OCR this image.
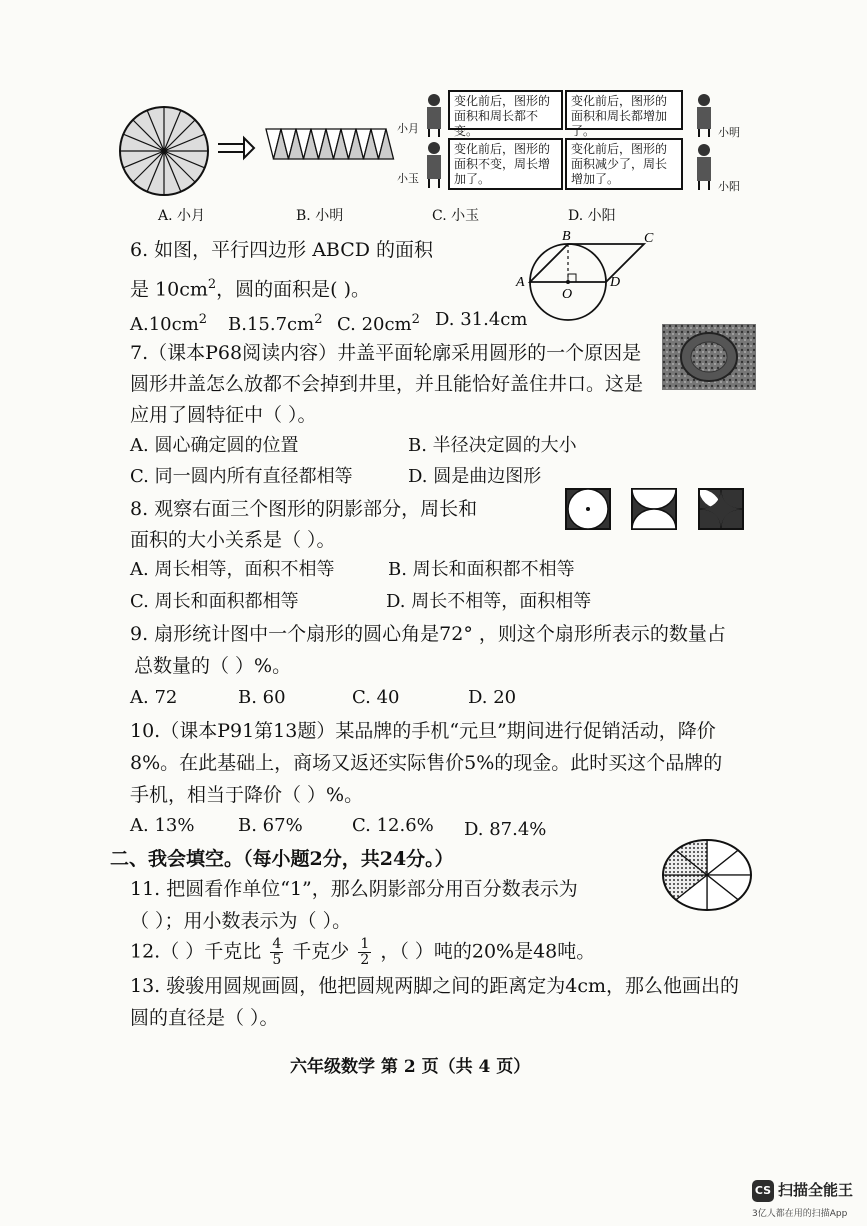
小月
变化前后，图形的面积和周长都不变。
变化前后，图形的面积和周长都增加了。	小明
小玉
变化前后，图形的面积不变，周长增加了。
变化前后，图形的面积减少了，周长增加了。
小阳
A. 小月	B. 小明	C. 小玉	D. 小阳
6. 如图，平行四边形 ABCD 的面积
是 $10cm^2$，圆的面积是( )。
$A.10cm^2$ $B.15.7cm^2$ C. $20cm^2$ D. 31.4cm
A
B	C
D
O
7.（课本P68阅读内容）井盖平面轮廓采用圆形的一个原因是
圆形井盖怎么放都不会掉到井里，并且能恰好盖住井口。这是
应用了圆特征中（ ）。
A. 圆心确定圆的位置	B. 半径决定圆的大小
C. 同一圆内所有直径都相等	D. 圆是曲边图形
8. 观察右面三个图形的阴影部分，周长和
面积的大小关系是（ ）。
A. 周长相等，面积不相等	B. 周长和面积都不相等
C. 周长和面积都相等	D. 周长不相等，面积相等
9. 扇形统计图中一个扇形的圆心角是72° ，则这个扇形所表示的数量占
总数量的（ ）%。
A. 72	B. 60	C. 40	D. 20
10.（课本P91第13题）某品牌的手机“元旦”期间进行促销活动，降价
8%。在此基础上，商场又返还实际售价5%的现金。此时买这个品牌的
手机，相当于降价（ ）%。
A. 13% B. 67%	C. 12.6% D. 87.4%
二、我会填空。（每小题2分，共24分。）
11. 把圆看作单位“1”，那么阴影部分用百分数表示为
（ ）；用小数表示为（ ）。
12.（ ）千克比 $\frac{4}{5}$ 千克少 $\frac{1}{2}$ ，（ ）吨的20%是48吨。
13. 骏骏用圆规画圆，他把圆规两脚之间的距离定为4cm，那么他画出的
圆的直径是（ ）。
六年级数学 第 2 页（共 4 页）
CS 扫描全能王
3亿人都在用的扫描App
